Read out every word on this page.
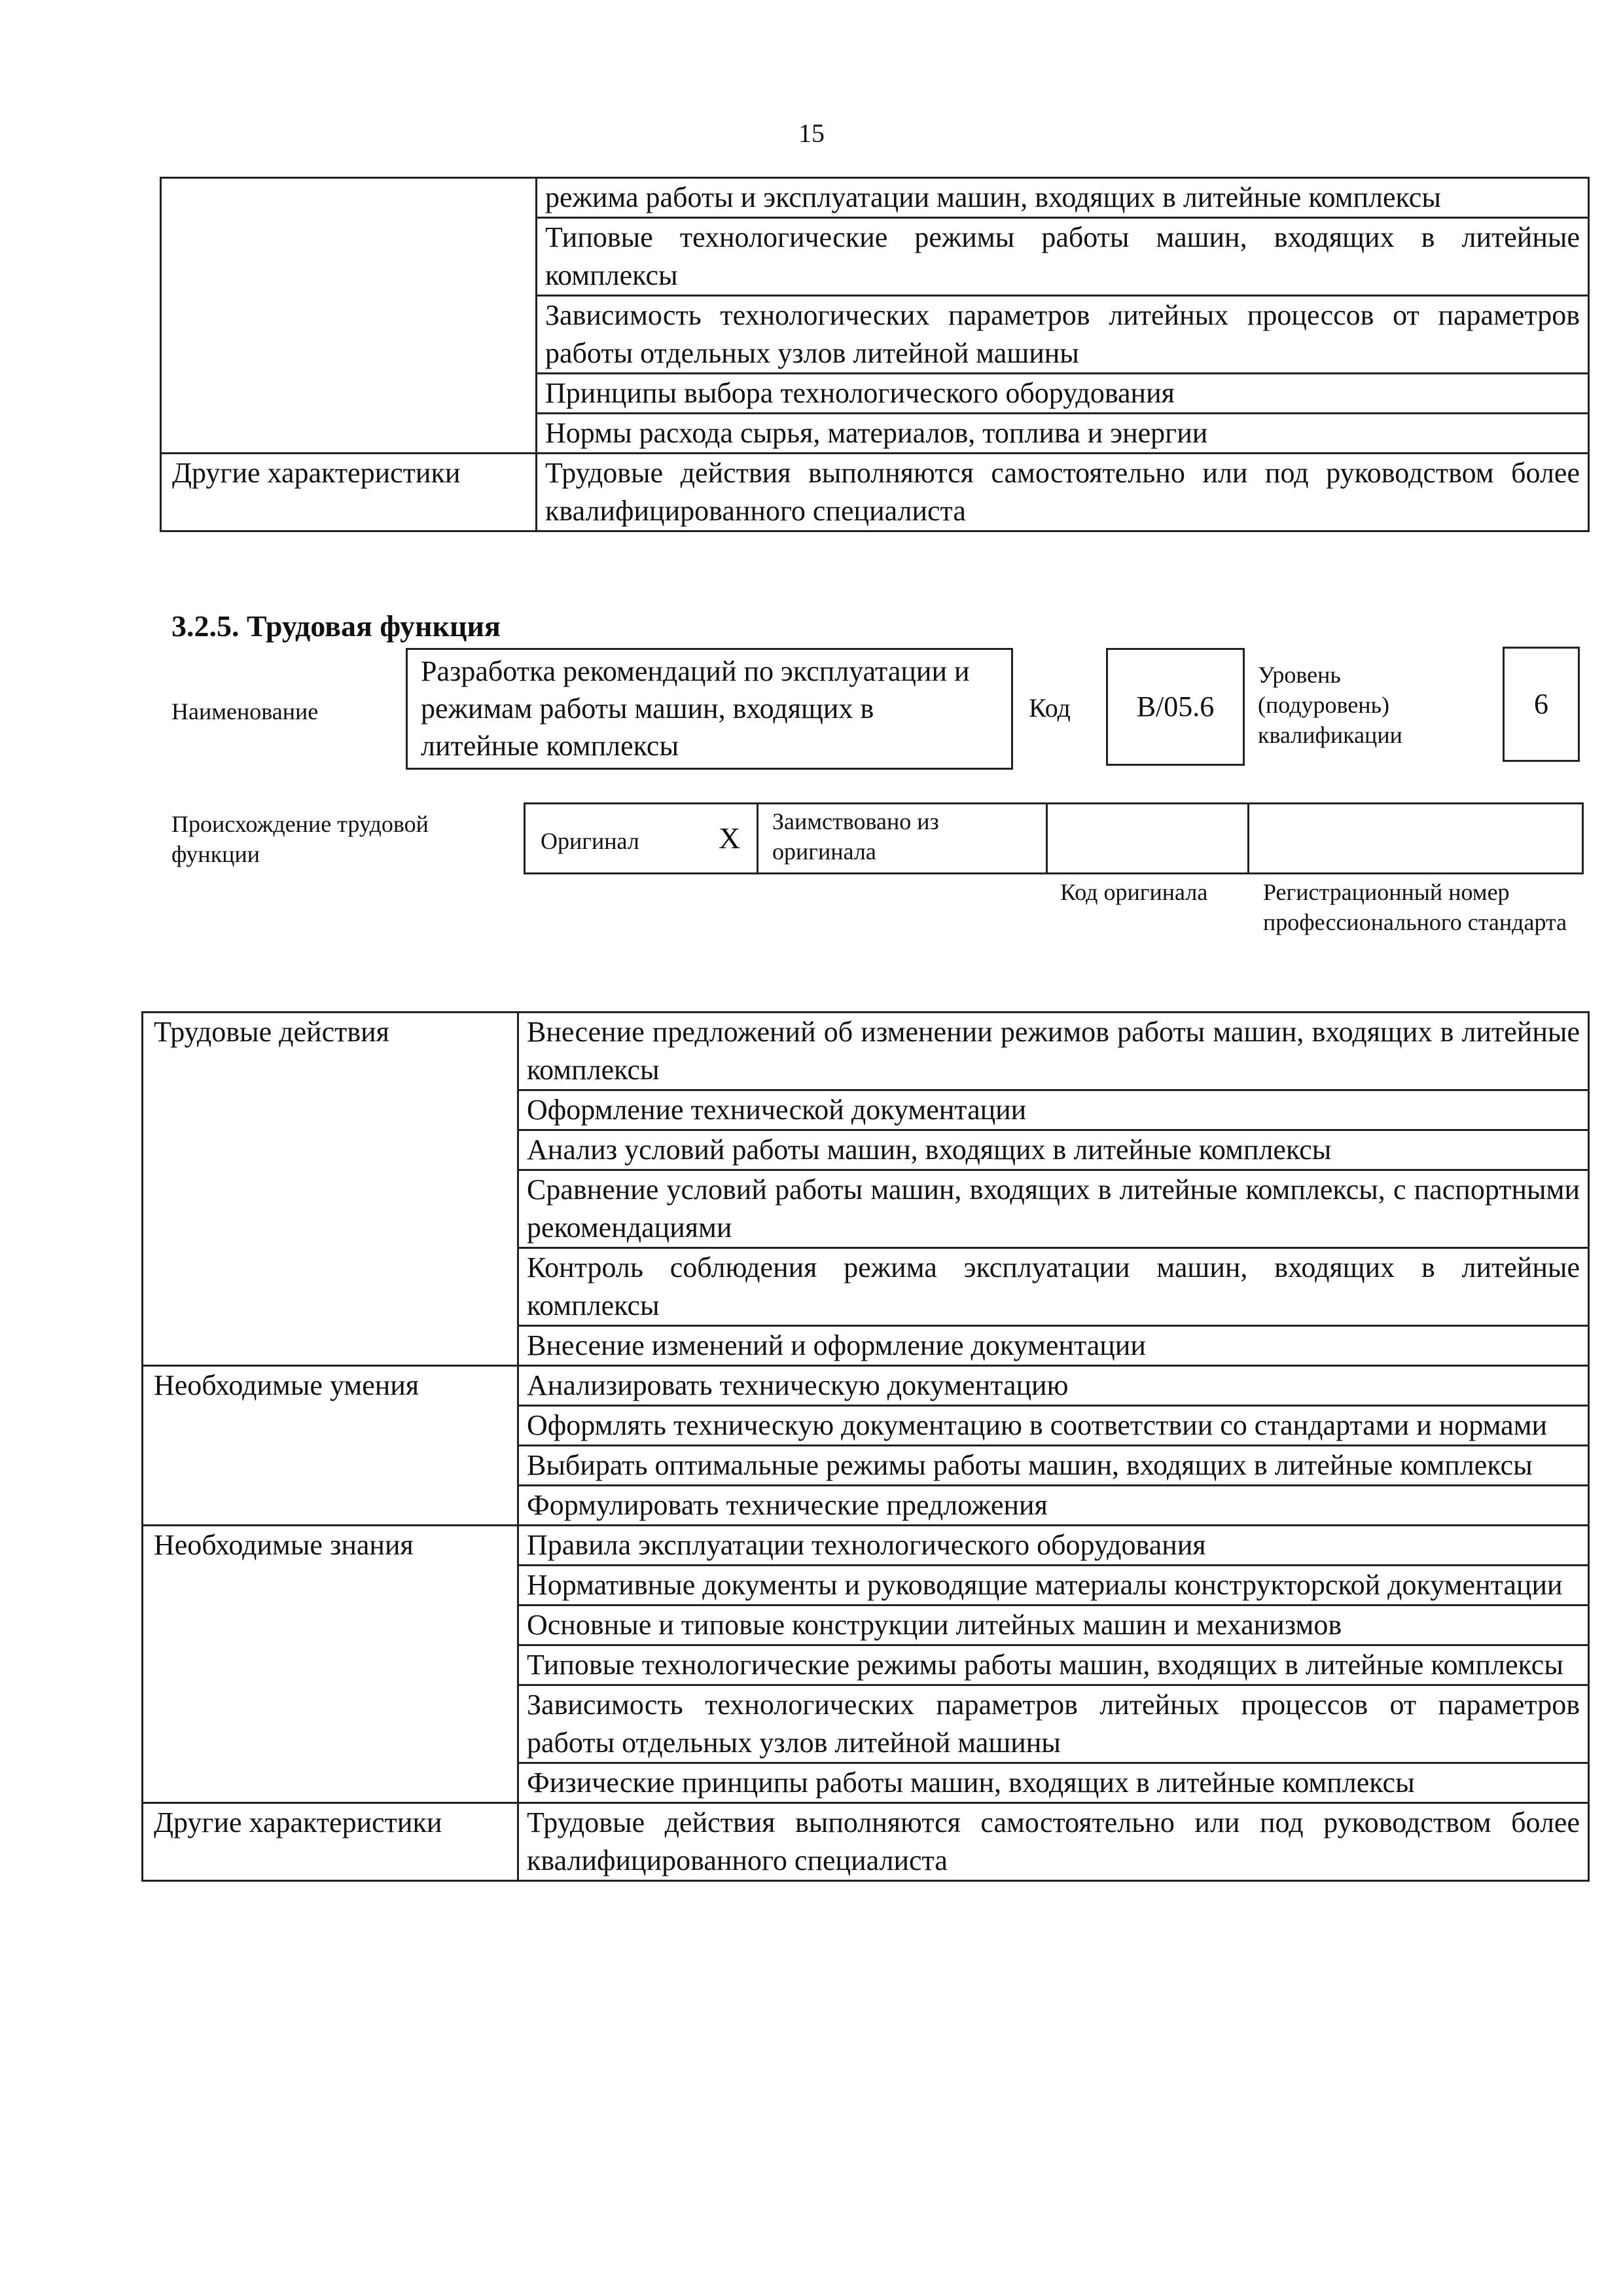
15
	режима работы и эксплуатации машин, входящих в литейные комплексы
	Типовые технологические режимы работы машин, входящих в литейные комплексы
	Зависимость технологических параметров литейных процессов от параметров работы отдельных узлов литейной машины
	Принципы выбора технологического оборудования
	Нормы расхода сырья, материалов, топлива и энергии
Другие характеристики	Трудовые действия выполняются самостоятельно или под руководством более квалифицированного специалиста
3.2.5. Трудовая функция
Наименование
Разработка рекомендаций по эксплуатации и режимам работы машин, входящих в литейные комплексы
Код	В/05.6
Уровень (подуровень) квалификации
6
Происхождение трудовой функции	Оригинал	X Заимствовано из оригинала
Код оригинала Регистрационный номер профессионального стандарта
Трудовые действия	Внесение предложений об изменении режимов работы машин, входящих в литейные комплексы
	Оформление технической документации
	Анализ условий работы машин, входящих в литейные комплексы
	Сравнение условий работы машин, входящих в литейные комплексы, с паспортными рекомендациями
	Контроль соблюдения режима эксплуатации машин, входящих в литейные комплексы
	Внесение изменений и оформление документации
Необходимые умения	Анализировать техническую документацию
	Оформлять техническую документацию в соответствии со стандартами и нормами
	Выбирать оптимальные режимы работы машин, входящих в литейные комплексы
	Формулировать технические предложения
Необходимые знания	Правила эксплуатации технологического оборудования
	Нормативные документы и руководящие материалы конструкторской документации
	Основные и типовые конструкции литейных машин и механизмов
	Типовые технологические режимы работы машин, входящих в литейные комплексы
	Зависимость технологических параметров литейных процессов от параметров работы отдельных узлов литейной машины
	Физические принципы работы машин, входящих в литейные комплексы
Другие характеристики	Трудовые действия выполняются самостоятельно или под руководством более квалифицированного специалиста
